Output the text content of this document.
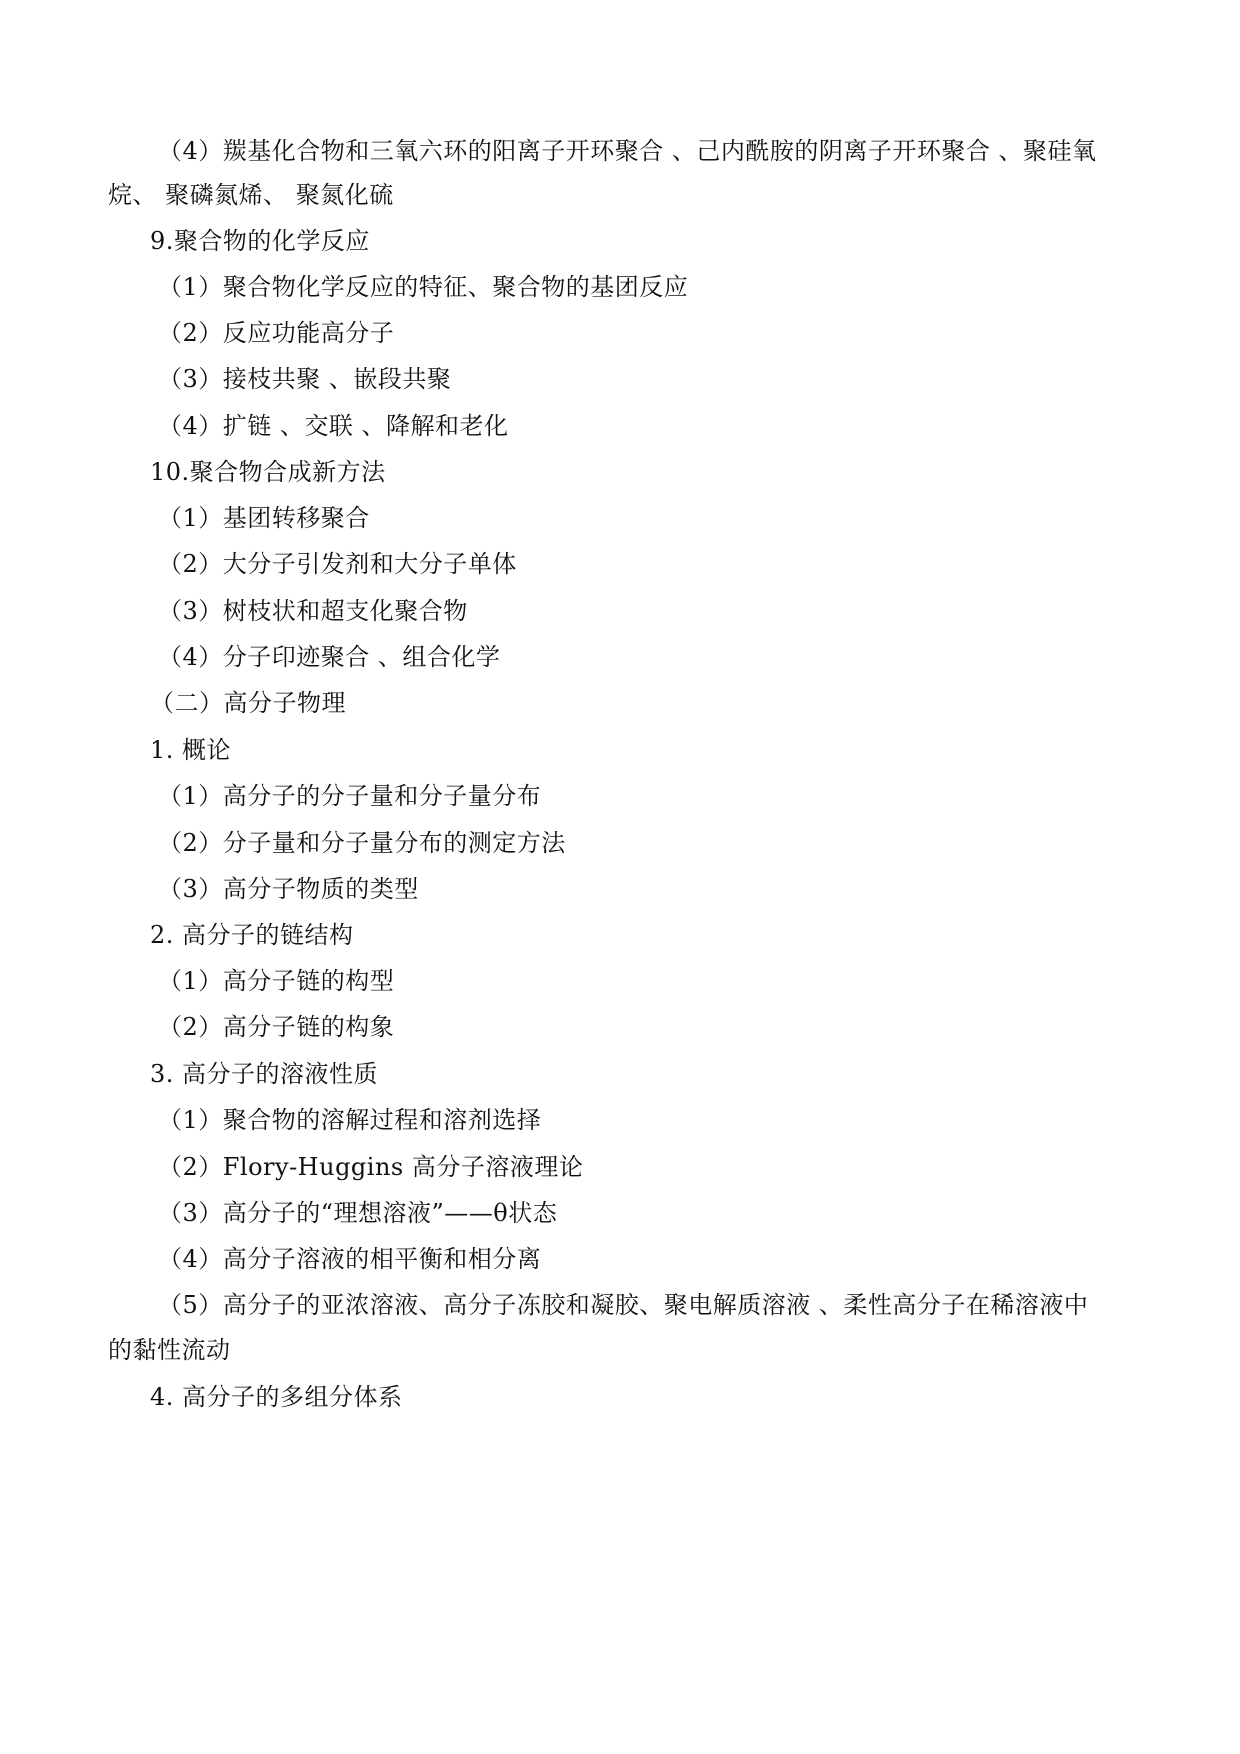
（4）羰基化合物和三氧六环的阳离子开环聚合 、己内酰胺的阴离子开环聚合 、聚硅氧
烷、 聚磷氮烯、 聚氮化硫
9.聚合物的化学反应
（1）聚合物化学反应的特征、聚合物的基团反应
（2）反应功能高分子
（3）接枝共聚 、嵌段共聚
（4）扩链 、交联 、降解和老化
10.聚合物合成新方法
（1）基团转移聚合
（2）大分子引发剂和大分子单体
（3）树枝状和超支化聚合物
（4）分子印迹聚合 、组合化学
（二）高分子物理
1. 概论
（1）高分子的分子量和分子量分布
（2）分子量和分子量分布的测定方法
（3）高分子物质的类型
2. 高分子的链结构
（1）高分子链的构型
（2）高分子链的构象
3. 高分子的溶液性质
（1）聚合物的溶解过程和溶剂选择
（2）Flory-Huggins 高分子溶液理论
（3）高分子的“理想溶液”——θ状态
（4）高分子溶液的相平衡和相分离
（5）高分子的亚浓溶液、高分子冻胶和凝胶、聚电解质溶液 、柔性高分子在稀溶液中
的黏性流动
4. 高分子的多组分体系
